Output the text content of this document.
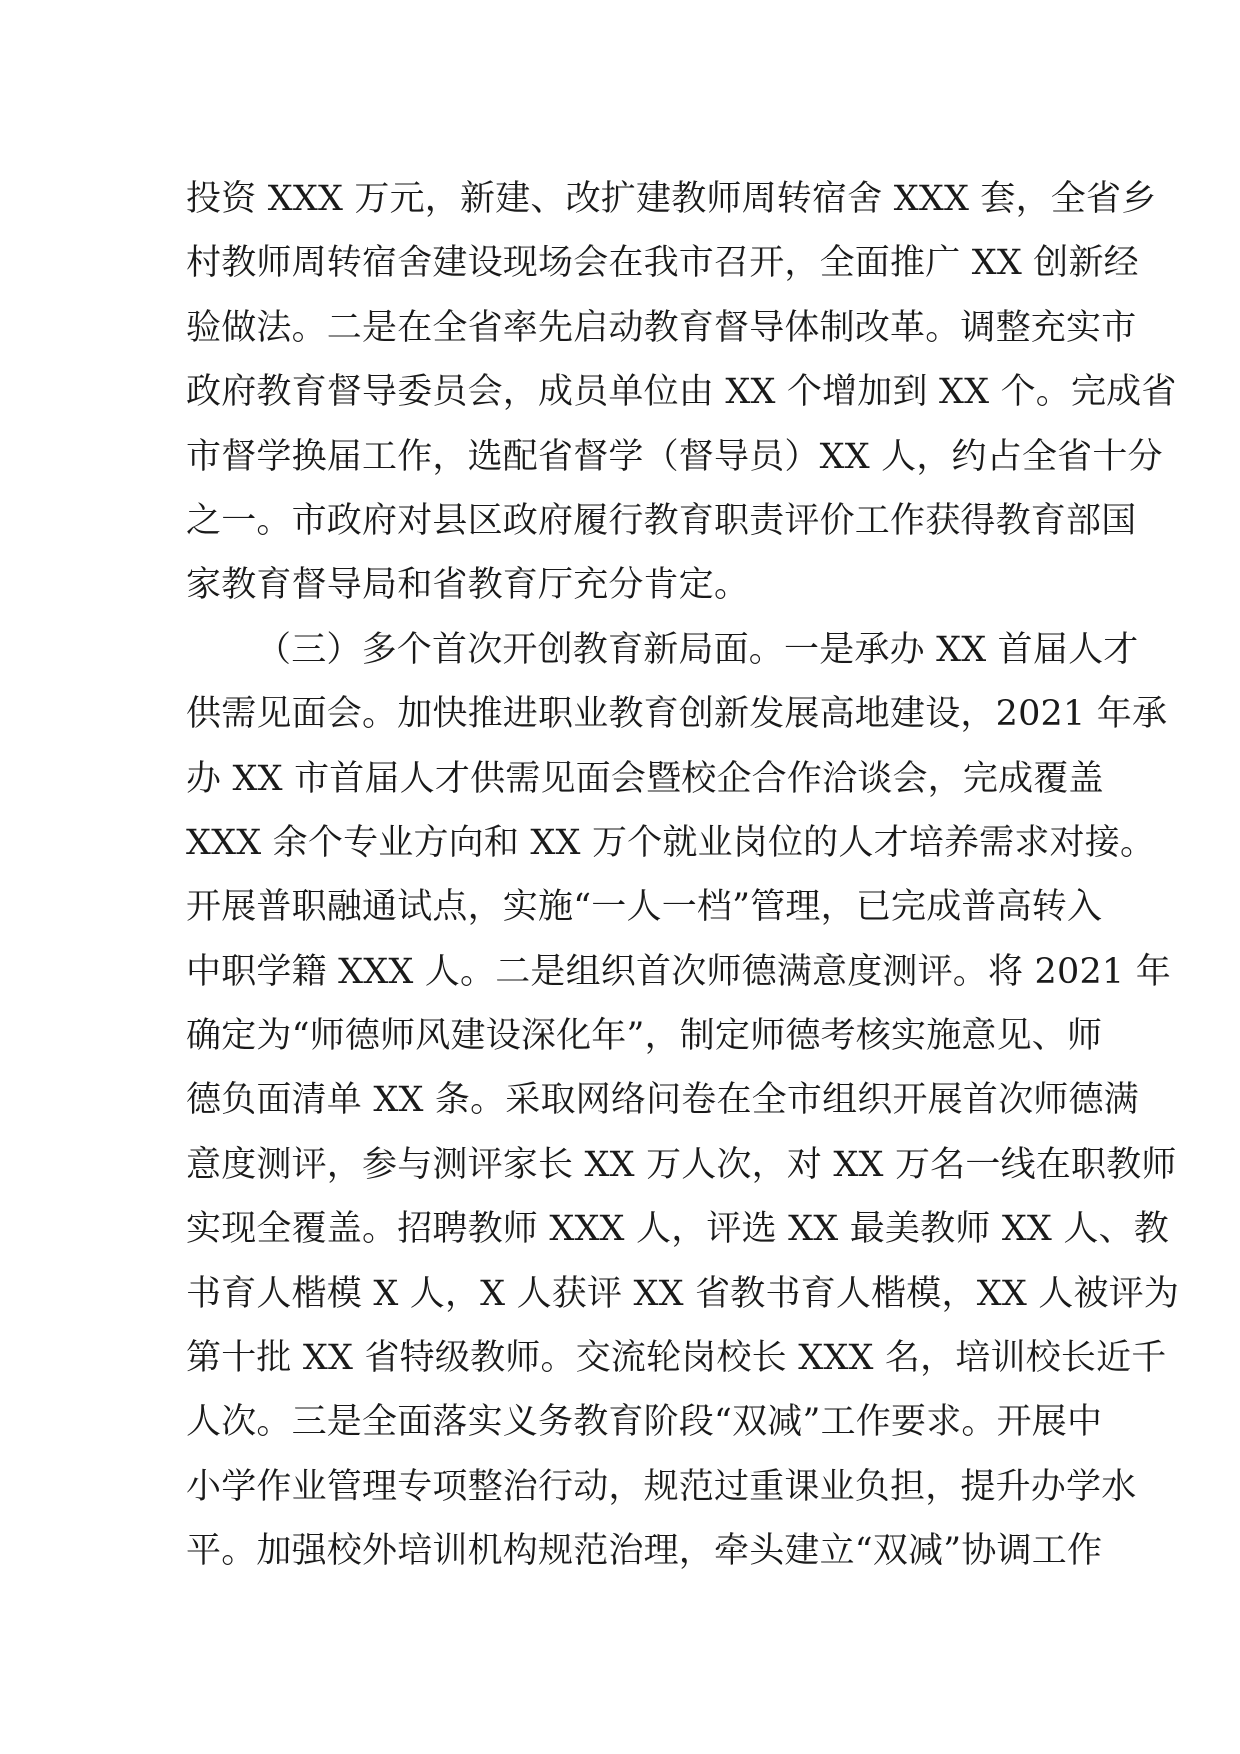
投资 XXX 万元，新建、改扩建教师周转宿舍 XXX 套，全省乡
村教师周转宿舍建设现场会在我市召开，全面推广 XX 创新经
验做法。二是在全省率先启动教育督导体制改革。调整充实市
政府教育督导委员会，成员单位由 XX 个增加到 XX 个。完成省
市督学换届工作，选配省督学（督导员）XX 人，约占全省十分
之一。市政府对县区政府履行教育职责评价工作获得教育部国
家教育督导局和省教育厅充分肯定。
（三）多个首次开创教育新局面。一是承办 XX 首届人才
供需见面会。加快推进职业教育创新发展高地建设，2021 年承
办 XX 市首届人才供需见面会暨校企合作洽谈会，完成覆盖
XXX 余个专业方向和 XX 万个就业岗位的人才培养需求对接。
开展普职融通试点，实施“一人一档”管理，已完成普高转入
中职学籍 XXX 人。二是组织首次师德满意度测评。将 2021 年
确定为“师德师风建设深化年”，制定师德考核实施意见、师
德负面清单 XX 条。采取网络问卷在全市组织开展首次师德满
意度测评，参与测评家长 XX 万人次，对 XX 万名一线在职教师
实现全覆盖。招聘教师 XXX 人，评选 XX 最美教师 XX 人、教
书育人楷模 X 人，X 人获评 XX 省教书育人楷模，XX 人被评为
第十批 XX 省特级教师。交流轮岗校长 XXX 名，培训校长近千
人次。三是全面落实义务教育阶段“双减”工作要求。开展中
小学作业管理专项整治行动，规范过重课业负担，提升办学水
平。加强校外培训机构规范治理，牵头建立“双减”协调工作
